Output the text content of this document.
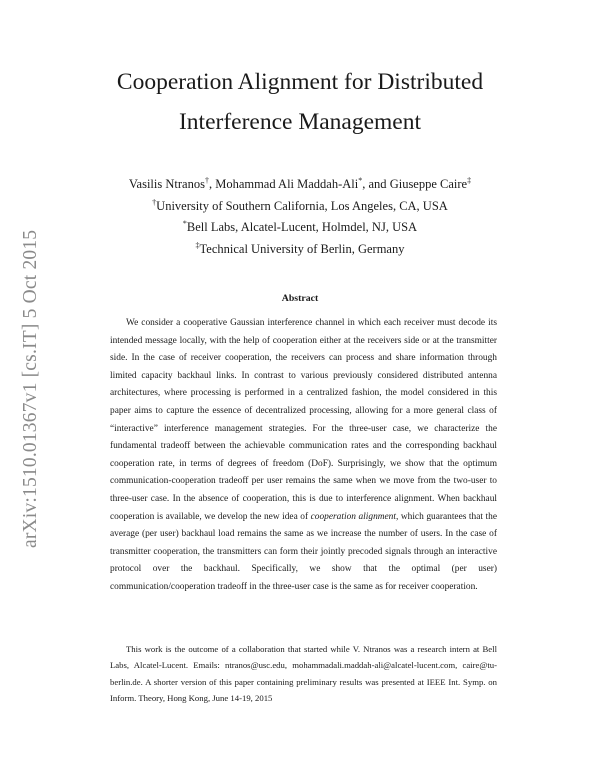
arXiv:1510.01367v1 [cs.IT] 5 Oct 2015
Cooperation Alignment for Distributed
Interference Management
Vasilis Ntranos†, Mohammad Ali Maddah-Ali*, and Giuseppe Caire‡
†University of Southern California, Los Angeles, CA, USA
*Bell Labs, Alcatel-Lucent, Holmdel, NJ, USA
‡Technical University of Berlin, Germany
Abstract

We consider a cooperative Gaussian interference channel in which each receiver must decode its intended message locally, with the help of cooperation either at the receivers side or at the transmitter side. In the case of receiver cooperation, the receivers can process and share information through limited capacity backhaul links. In contrast to various previously considered distributed antenna architectures, where processing is performed in a centralized fashion, the model considered in this paper aims to capture the essence of decentralized processing, allowing for a more general class of “interactive” interference management strategies. For the three-user case, we characterize the fundamental tradeoff between the achievable communication rates and the corresponding backhaul cooperation rate, in terms of degrees of freedom (DoF). Surprisingly, we show that the optimum communication-cooperation tradeoff per user remains the same when we move from the two-user to three-user case. In the absence of cooperation, this is due to interference alignment. When backhaul cooperation is available, we develop the new idea of cooperation alignment, which guarantees that the average (per user) backhaul load remains the same as we increase the number of users. In the case of transmitter cooperation, the transmitters can form their jointly precoded signals through an interactive protocol over the backhaul. Specifically, we show that the optimal (per user) communication/cooperation tradeoff in the three-user case is the same as for receiver cooperation.

This work is the outcome of a collaboration that started while V. Ntranos was a research intern at Bell Labs, Alcatel-Lucent. Emails: ntranos@usc.edu, mohammadali.maddah-ali@alcatel-lucent.com, caire@tu-berlin.de. A shorter version of this paper containing preliminary results was presented at IEEE Int. Symp. on Inform. Theory, Hong Kong, June 14-19, 2015
